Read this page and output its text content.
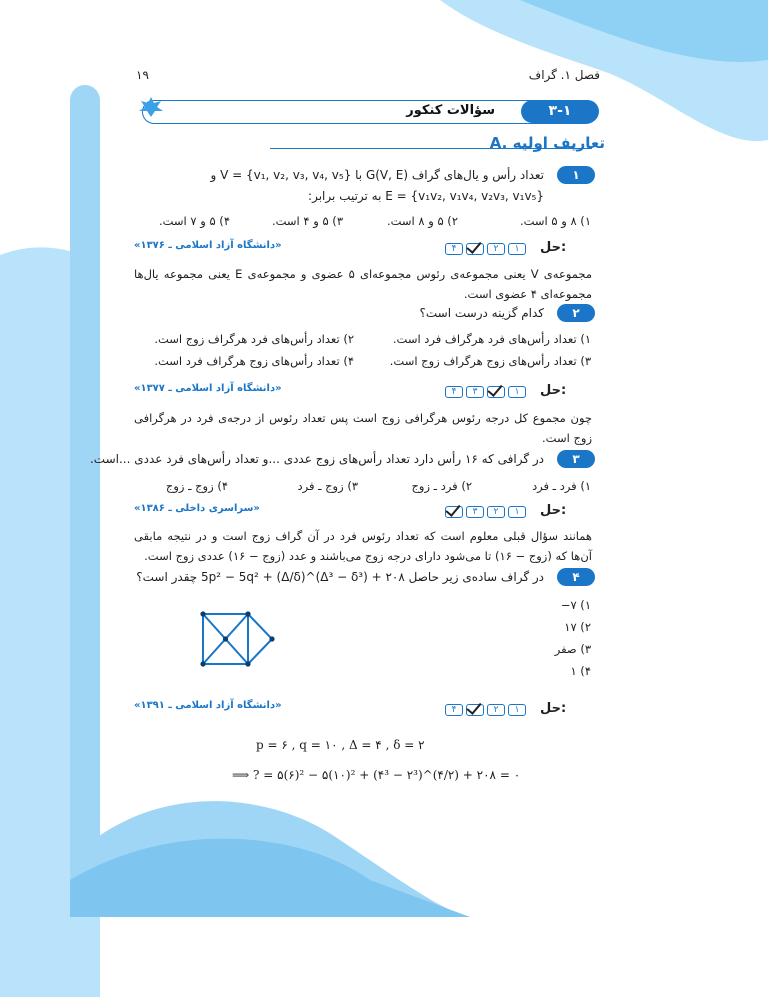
فصل ۱. گراف
۱۹
۳-۱
سؤالات کنکور
A. تعاریف اولیه
۱
تعداد رأس و یال‌های گراف G(V, E) با {v₁, v₂, v₃, v₄, v₅} = V و
E = {v₁v₂, v₁v₄, v₂v₃, v₁v₅} به ترتیب برابر:
۱) ۸ و ۵ است.
۲) ۵ و ۸ است.
۳) ۵ و ۴ است.
۴) ۵ و ۷ است.
حل:
۱
۲
۴
«دانشگاه آزاد اسلامی ـ ۱۳۷۶»
مجموعه‌ی V یعنی مجموعه‌ی رئوس مجموعه‌ای ۵ عضوی و مجموعه‌ی E یعنی مجموعه یال‌ها مجموعه‌ای ۴ عضوی است.
۲
کدام گزینه درست است؟
۱) تعداد رأس‌های فرد هرگراف فرد است.
۲) تعداد رأس‌های فرد هرگراف زوج است.
۳) تعداد رأس‌های زوج هرگراف زوج است.
۴) تعداد رأس‌های زوج هرگراف فرد است.
حل:
۱
۳
۴
«دانشگاه آزاد اسلامی ـ ۱۳۷۷»
چون مجموع کل درجه رئوس هرگرافی زوج است پس تعداد رئوس از درجه‌ی فرد در هرگرافی زوج است.
۳
در گرافی که ۱۶ رأس دارد تعداد رأس‌های زوج عددی ...و تعداد رأس‌های فرد عددی ...است.
۱) فرد ـ فرد
۲) فرد ـ زوج
۳) زوج ـ فرد
۴) زوج ـ زوج
حل:
۱
۲
۳
«سراسری داخلی ـ ۱۳۸۶»
همانند سؤال قبلی معلوم است که تعداد رئوس فرد در آن گراف زوج است و در نتیجه مابقی آن‌ها که (زوج − ۱۶) تا می‌شود دارای درجه زوج می‌باشند و عدد (زوج − ۱۶) عددی زوج است.
۴
در گراف ساده‌ی زیر حاصل ۲۰۸ + (Δ³ − δ³)^(Δ/δ) + 5p² − 5q² چقدر است؟
۱) ۷−
۲) ۱۷
۳) صفر
۴) ۱
حل:
۱
۲
۴
«دانشگاه آزاد اسلامی ـ ۱۳۹۱»
p = ۶ , q = ۱۰ , Δ = ۴ , δ = ۲
⟹ ? = ۵(۶)² − ۵(۱۰)² + (۴³ − ۲³)^(۴/۲) + ۲۰۸ = ۰
